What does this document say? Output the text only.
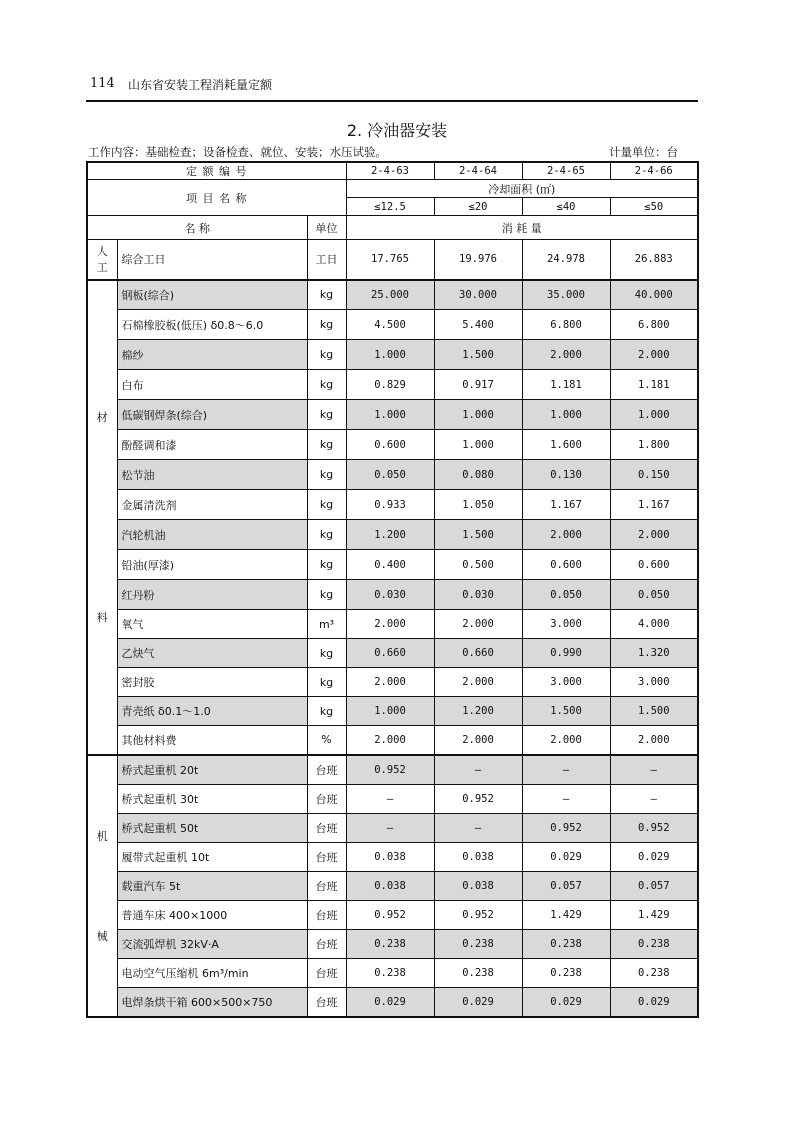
114 山东省安装工程消耗量定额
2. 冷油器安装
工作内容：基础检查；设备检查、就位、安装；水压试验。	计量单位：台
定 额 编 号			2-4-63	2-4-64	2-4-65	2-4-66
项 目 名 称			冷却面积 (㎡)			
			≤12.5	≤20	≤40	≤50
名 称		单位	消 耗 量			
人
工	综合工日	工日	17.765	19.976	24.978	26.883

材
料	钢板(综合)	kg	25.000	30.000	35.000	40.000
	石棉橡胶板(低压) δ0.8～6.0	kg	4.500	5.400	6.800	6.800
	棉纱	kg	1.000	1.500	2.000	2.000
	白布	kg	0.829	0.917	1.181	1.181
	低碳钢焊条(综合)	kg	1.000	1.000	1.000	1.000
	酚醛调和漆	kg	0.600	1.000	1.600	1.800
	松节油	kg	0.050	0.080	0.130	0.150
	金属清洗剂	kg	0.933	1.050	1.167	1.167
	汽轮机油	kg	1.200	1.500	2.000	2.000
	铅油(厚漆)	kg	0.400	0.500	0.600	0.600
	红丹粉	kg	0.030	0.030	0.050	0.050
	氧气	m³	2.000	2.000	3.000	4.000
	乙炔气	kg	0.660	0.660	0.990	1.320
	密封胶	kg	2.000	2.000	3.000	3.000
	青壳纸 δ0.1～1.0	kg	1.000	1.200	1.500	1.500
	其他材料费	%	2.000	2.000	2.000	2.000

机
械	桥式起重机 20t	台班	0.952	—	—	—
	桥式起重机 30t	台班	—	0.952	—	—
	桥式起重机 50t	台班	—	—	0.952	0.952
	履带式起重机 10t	台班	0.038	0.038	0.029	0.029
	载重汽车 5t	台班	0.038	0.038	0.057	0.057
	普通车床 400×1000	台班	0.952	0.952	1.429	1.429
	交流弧焊机 32kV·A	台班	0.238	0.238	0.238	0.238
	电动空气压缩机 6m³/min	台班	0.238	0.238	0.238	0.238
	电焊条烘干箱 600×500×750	台班	0.029	0.029	0.029	0.029
